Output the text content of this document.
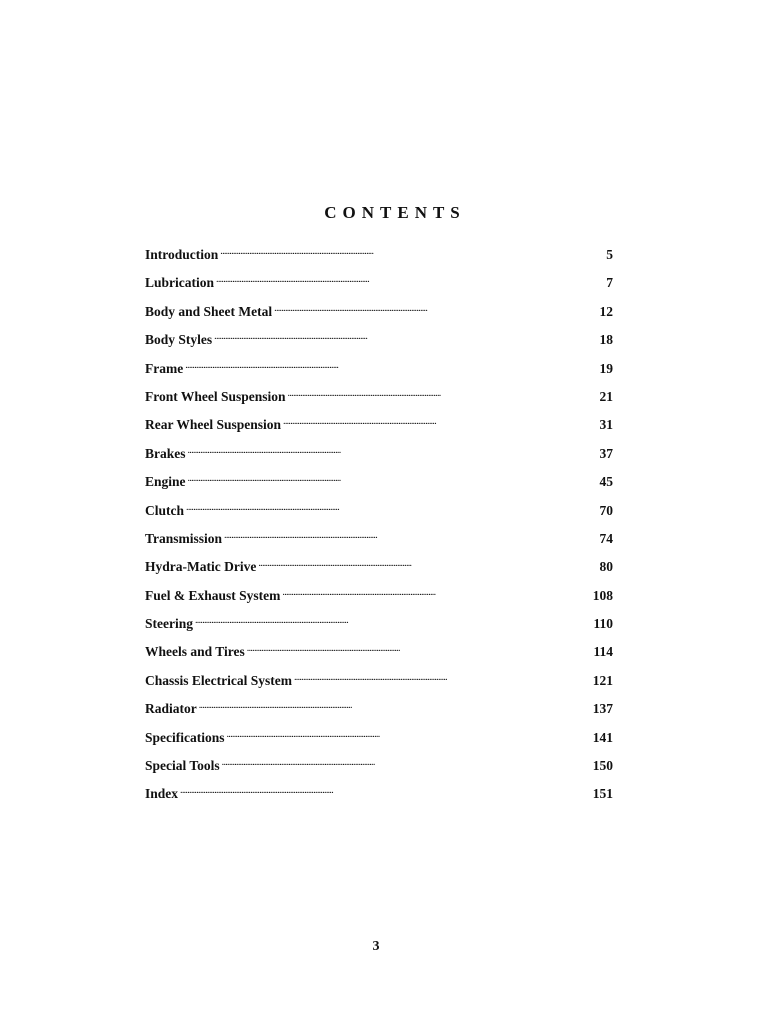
CONTENTS
Introduction . . .	5
Lubrication . . .	7
Body and Sheet Metal . . .	12
Body Styles . . .	18
Frame . . .	19
Front Wheel Suspension . . .	21
Rear Wheel Suspension . . .	31
Brakes . . .	37
Engine . . .	45
Clutch . . .	70
Transmission . . .	74
Hydra-Matic Drive . . .	80
Fuel & Exhaust System . . .	108
Steering . . .	110
Wheels and Tires . . .	114
Chassis Electrical System . . .	121
Radiator . . .	137
Specifications . . .	141
Special Tools . . .	150
Index . . .	151
3
